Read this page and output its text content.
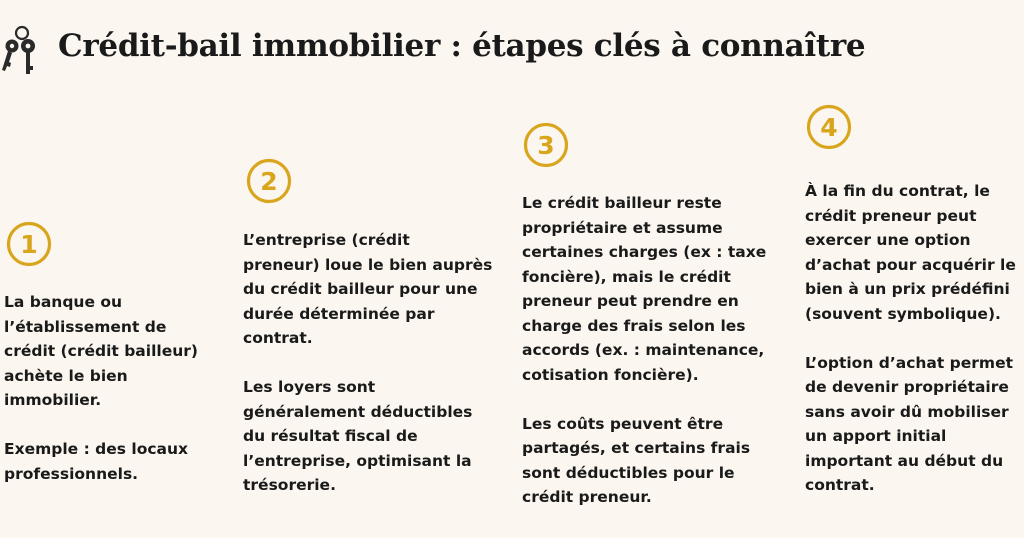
Crédit-bail immobilier : étapes clés à connaître
1

La banque ou
l’établissement de
crédit (crédit bailleur)
achète le bien
immobilier.

Exemple : des locaux
professionnels.

2

L’entreprise (crédit
preneur) loue le bien auprès
du crédit bailleur pour une
durée déterminée par
contrat.

Les loyers sont
généralement déductibles
du résultat fiscal de
l’entreprise, optimisant la
trésorerie.

3

Le crédit bailleur reste
propriétaire et assume
certaines charges (ex : taxe
foncière), mais le crédit
preneur peut prendre en
charge des frais selon les
accords (ex. : maintenance,
cotisation foncière).

Les coûts peuvent être
partagés, et certains frais
sont déductibles pour le
crédit preneur.

4

À la fin du contrat, le
crédit preneur peut
exercer une option
d’achat pour acquérir le
bien à un prix prédéfini
(souvent symbolique).

L’option d’achat permet
de devenir propriétaire
sans avoir dû mobiliser
un apport initial
important au début du
contrat.
